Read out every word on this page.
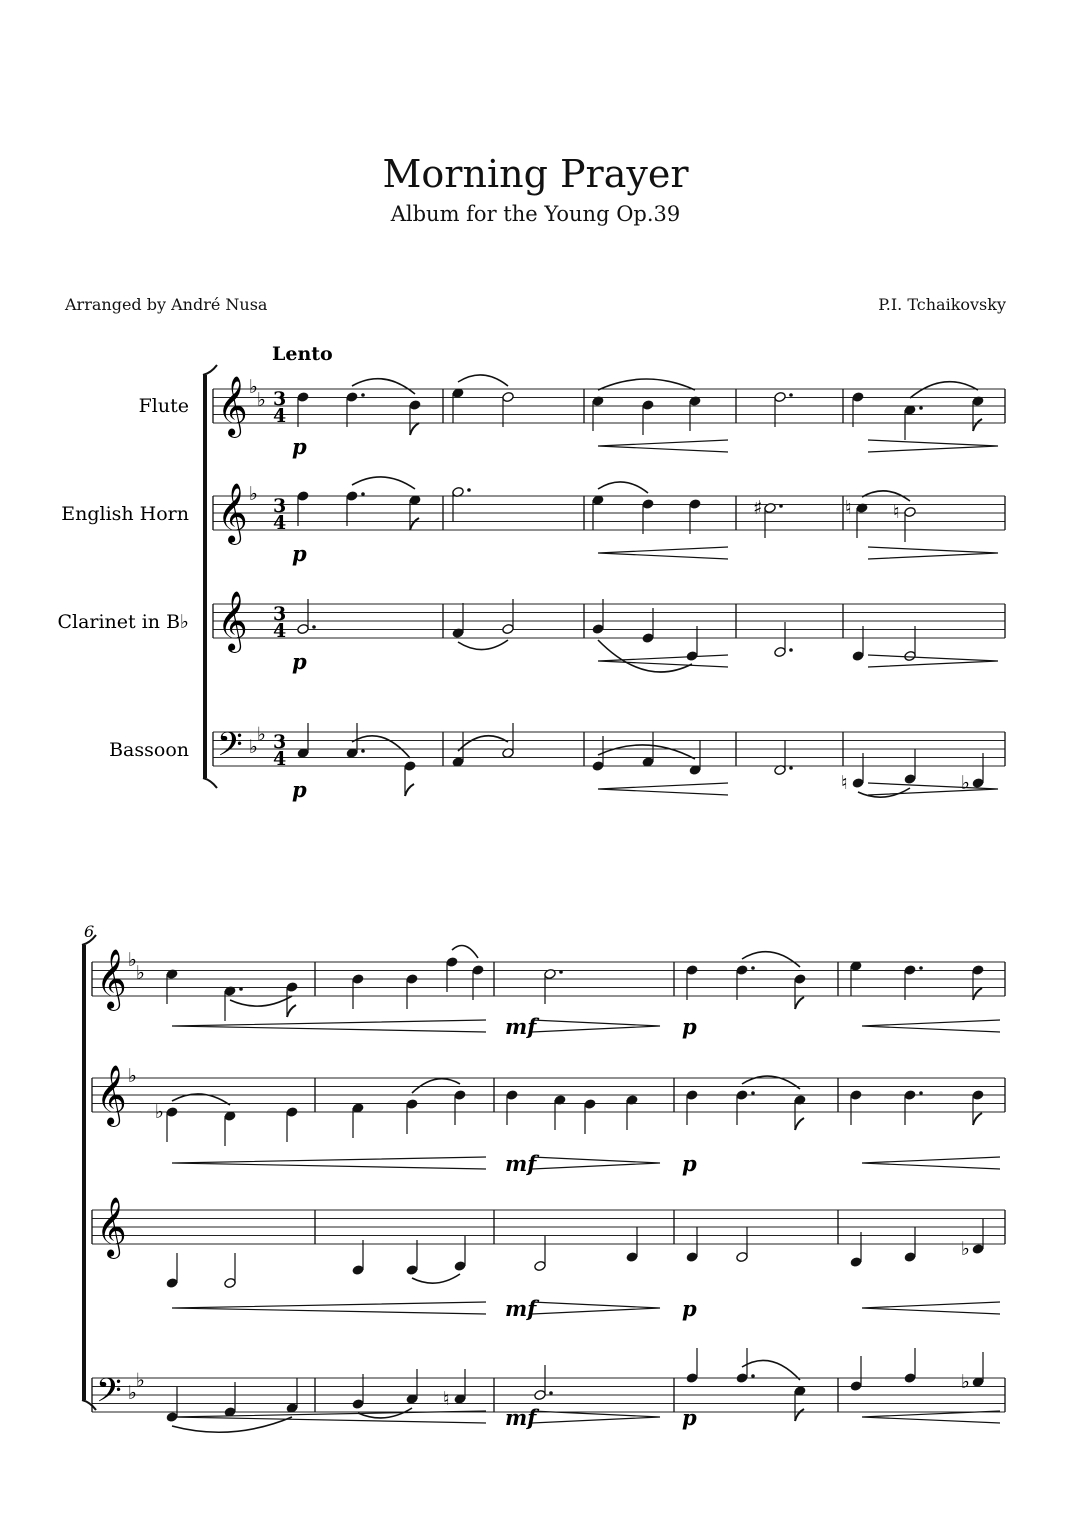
Morning Prayer
Album for the Young Op.39
Arranged by André Nusa	P.I. Tchaikovsky
Lento
Flute
English Horn
Clarinet in B♭
Bassoon
6
𝄞 ♭
♭ 3
4
𝄞 ♭
3
4
𝄞 3
4
𝄢 ♭
♭ 3
4
𝄞 ♭
♭
𝄞 ♭
𝄞
𝄢 ♭
♭
♯	♮ ♮
♮	♭
♭
♭
♮
♭
p
p
p
p
mf	p
mf	p
mf	p
mf	p
